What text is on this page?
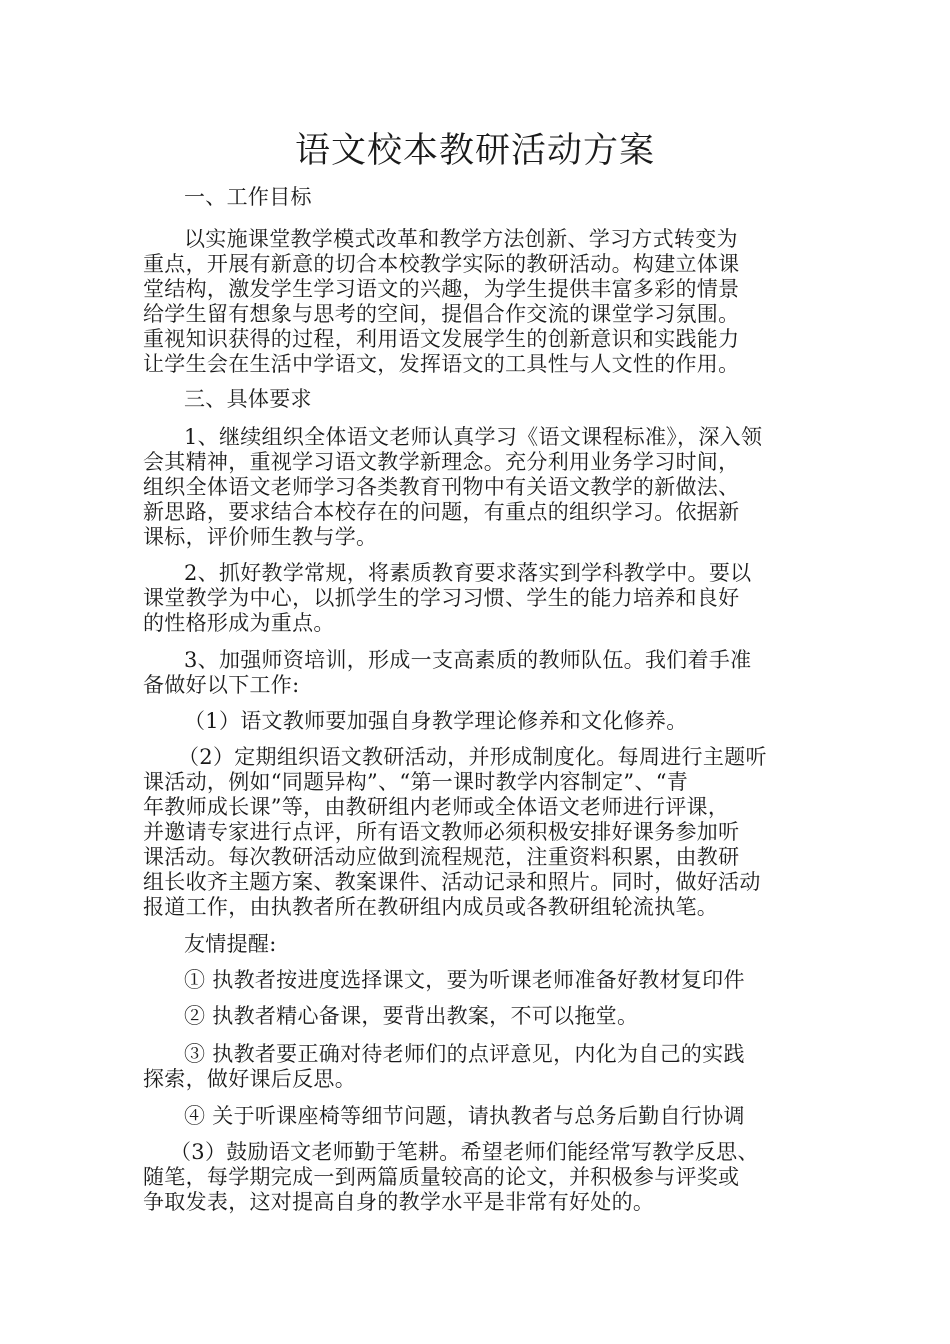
语文校本教研活动方案
一、工作目标
以实施课堂教学模式改革和教学方法创新、学习方式转变为
重点，开展有新意的切合本校教学实际的教研活动。构建立体课
堂结构，激发学生学习语文的兴趣，为学生提供丰富多彩的情景
给学生留有想象与思考的空间，提倡合作交流的课堂学习氛围。
重视知识获得的过程，利用语文发展学生的创新意识和实践能力
让学生会在生活中学语文，发挥语文的工具性与人文性的作用。
三、具体要求
1、继续组织全体语文老师认真学习《语文课程标准》，深入领
会其精神，重视学习语文教学新理念。充分利用业务学习时间，
组织全体语文老师学习各类教育刊物中有关语文教学的新做法、
新思路，要求结合本校存在的问题，有重点的组织学习。依据新
课标，评价师生教与学。
2、抓好教学常规，将素质教育要求落实到学科教学中。要以
课堂教学为中心，以抓学生的学习习惯、学生的能力培养和良好
的性格形成为重点。
3、加强师资培训，形成一支高素质的教师队伍。我们着手准
备做好以下工作:
（1）语文教师要加强自身教学理论修养和文化修养。
（2）定期组织语文教研活动，并形成制度化。每周进行主题听
课活动，例如“同题异构”、“第一课时教学内容制定”、“青
年教师成长课”等，由教研组内老师或全体语文老师进行评课，
并邀请专家进行点评，所有语文教师必须积极安排好课务参加听
课活动。每次教研活动应做到流程规范，注重资料积累，由教研
组长收齐主题方案、教案课件、活动记录和照片。同时，做好活动
报道工作，由执教者所在教研组内成员或各教研组轮流执笔。
友情提醒:
① 执教者按进度选择课文，要为听课老师准备好教材复印件
② 执教者精心备课，要背出教案，不可以拖堂。
③ 执教者要正确对待老师们的点评意见，内化为自己的实践
探索，做好课后反思。
④ 关于听课座椅等细节问题，请执教者与总务后勤自行协调
（3）鼓励语文老师勤于笔耕。希望老师们能经常写教学反思、
随笔，每学期完成一到两篇质量较高的论文，并积极参与评奖或
争取发表，这对提高自身的教学水平是非常有好处的。
